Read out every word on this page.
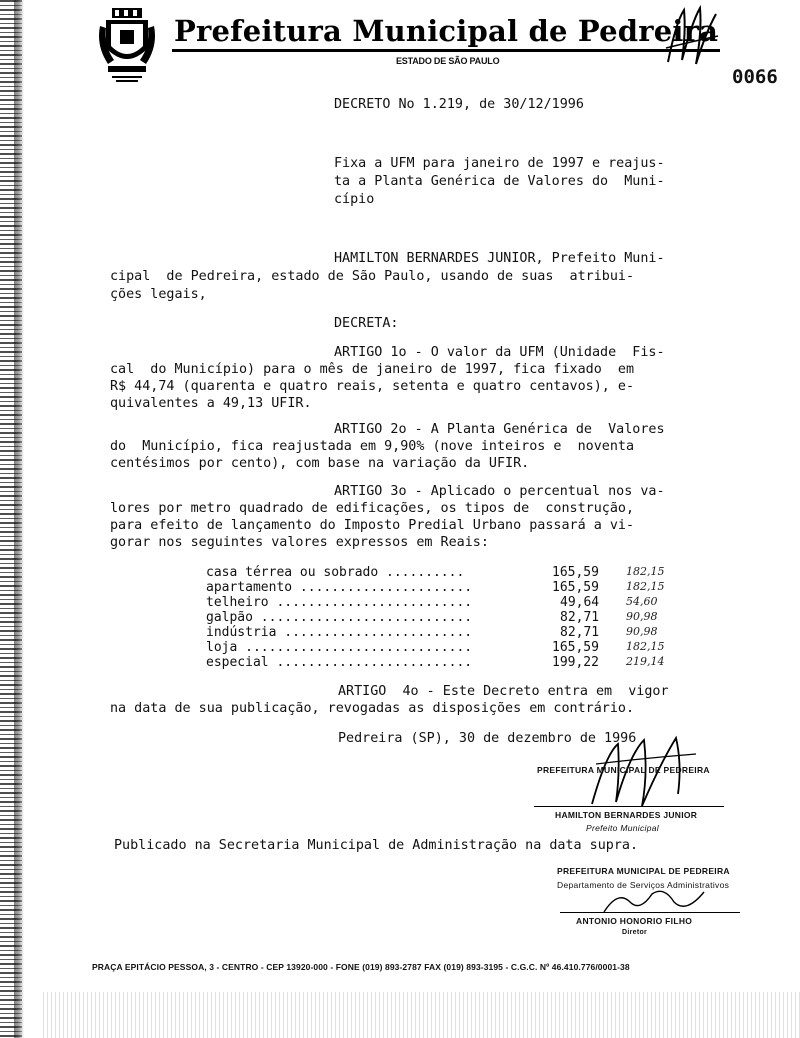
Prefeitura Municipal de Pedreira
ESTADO DE SÃO PAULO
0066
DECRETO No 1.219, de 30/12/1996
Fixa a UFM para janeiro de 1997 e reajus-
ta a Planta Genérica de Valores do  Muni-
cípio
HAMILTON BERNARDES JUNIOR, Prefeito Muni-
cipal  de Pedreira, estado de São Paulo, usando de suas  atribui-
ções legais,
DECRETA:
ARTIGO 1o - O valor da UFM (Unidade  Fis-
cal  do Município) para o mês de janeiro de 1997, fica fixado  em
R$ 44,74 (quarenta e quatro reais, setenta e quatro centavos), e-
quivalentes a 49,13 UFIR.
ARTIGO 2o - A Planta Genérica de  Valores
do  Município, fica reajustada em 9,90% (nove inteiros e  noventa
centésimos por cento), com base na variação da UFIR.
ARTIGO 3o - Aplicado o percentual nos va-
lores por metro quadrado de edificações, os tipos de  construção,
para efeito de lançamento do Imposto Predial Urbano passará a vi-
gorar nos seguintes valores expressos em Reais:
casa térrea ou sobrado ..........	165,59 182,15
apartamento ......................	165,59 182,15
telheiro .........................	49,64 54,60
galpão ...........................	82,71 90,98
indústria ........................	82,71 90,98
loja .............................	165,59 182,15
especial .........................	199,22 219,14
ARTIGO  4o - Este Decreto entra em  vigor
na data de sua publicação, revogadas as disposições em contrário.
Pedreira (SP), 30 de dezembro de 1996
PREFEITURA MUNICIPAL DE PEDREIRA
HAMILTON BERNARDES JUNIOR
Prefeito Municipal
Publicado na Secretaria Municipal de Administração na data supra.
PREFEITURA MUNICIPAL DE PEDREIRA
Departamento de Serviços Administrativos
ANTONIO HONORIO FILHO
Diretor
PRAÇA EPITÁCIO PESSOA, 3 - CENTRO - CEP 13920-000 - FONE (019) 893-2787 FAX (019) 893-3195 - C.G.C. Nº 46.410.776/0001-38
